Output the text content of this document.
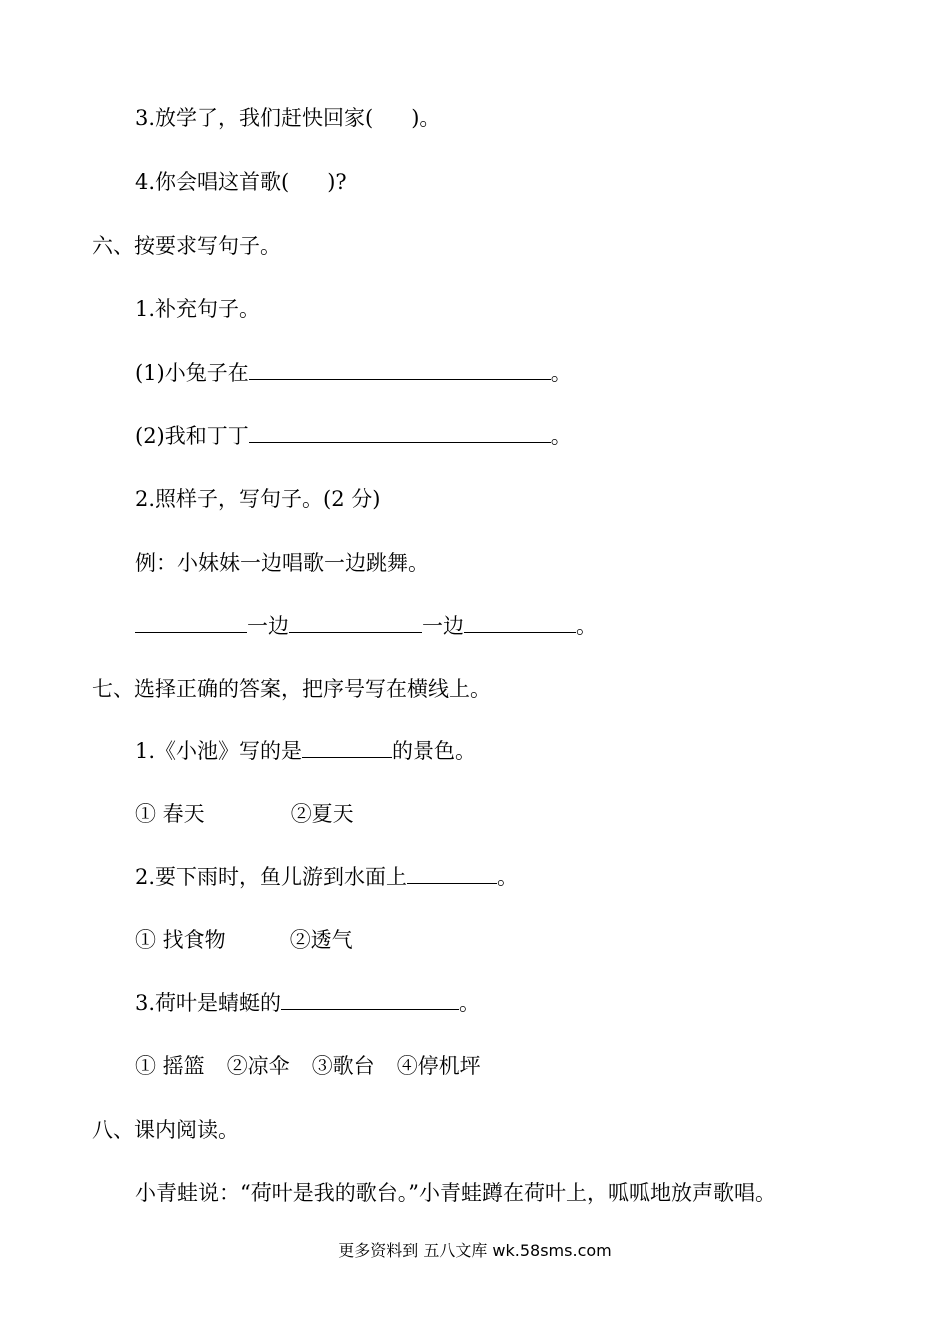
3.放学了，我们赶快回家( )。
4.你会唱这首歌( )?
六、按要求写句子。
1.补充句子。
(1)小兔子在	。
(2)我和丁丁	。
2.照样子，写句子。(2 分)
例：小妹妹一边唱歌一边跳舞。
一边	一边	。
七、选择正确的答案，把序号写在横线上。
1.《小池》写的是	的景色。
① 春天	②夏天
2.要下雨时，鱼儿游到水面上	。
① 找食物	②透气
3.荷叶是蜻蜓的	。
① 摇篮 ②凉伞 ③歌台 ④停机坪
八、课内阅读。
小青蛙说：“荷叶是我的歌台。”小青蛙蹲在荷叶上，呱呱地放声歌唱。
更多资料到 五八文库 wk.58sms.com
